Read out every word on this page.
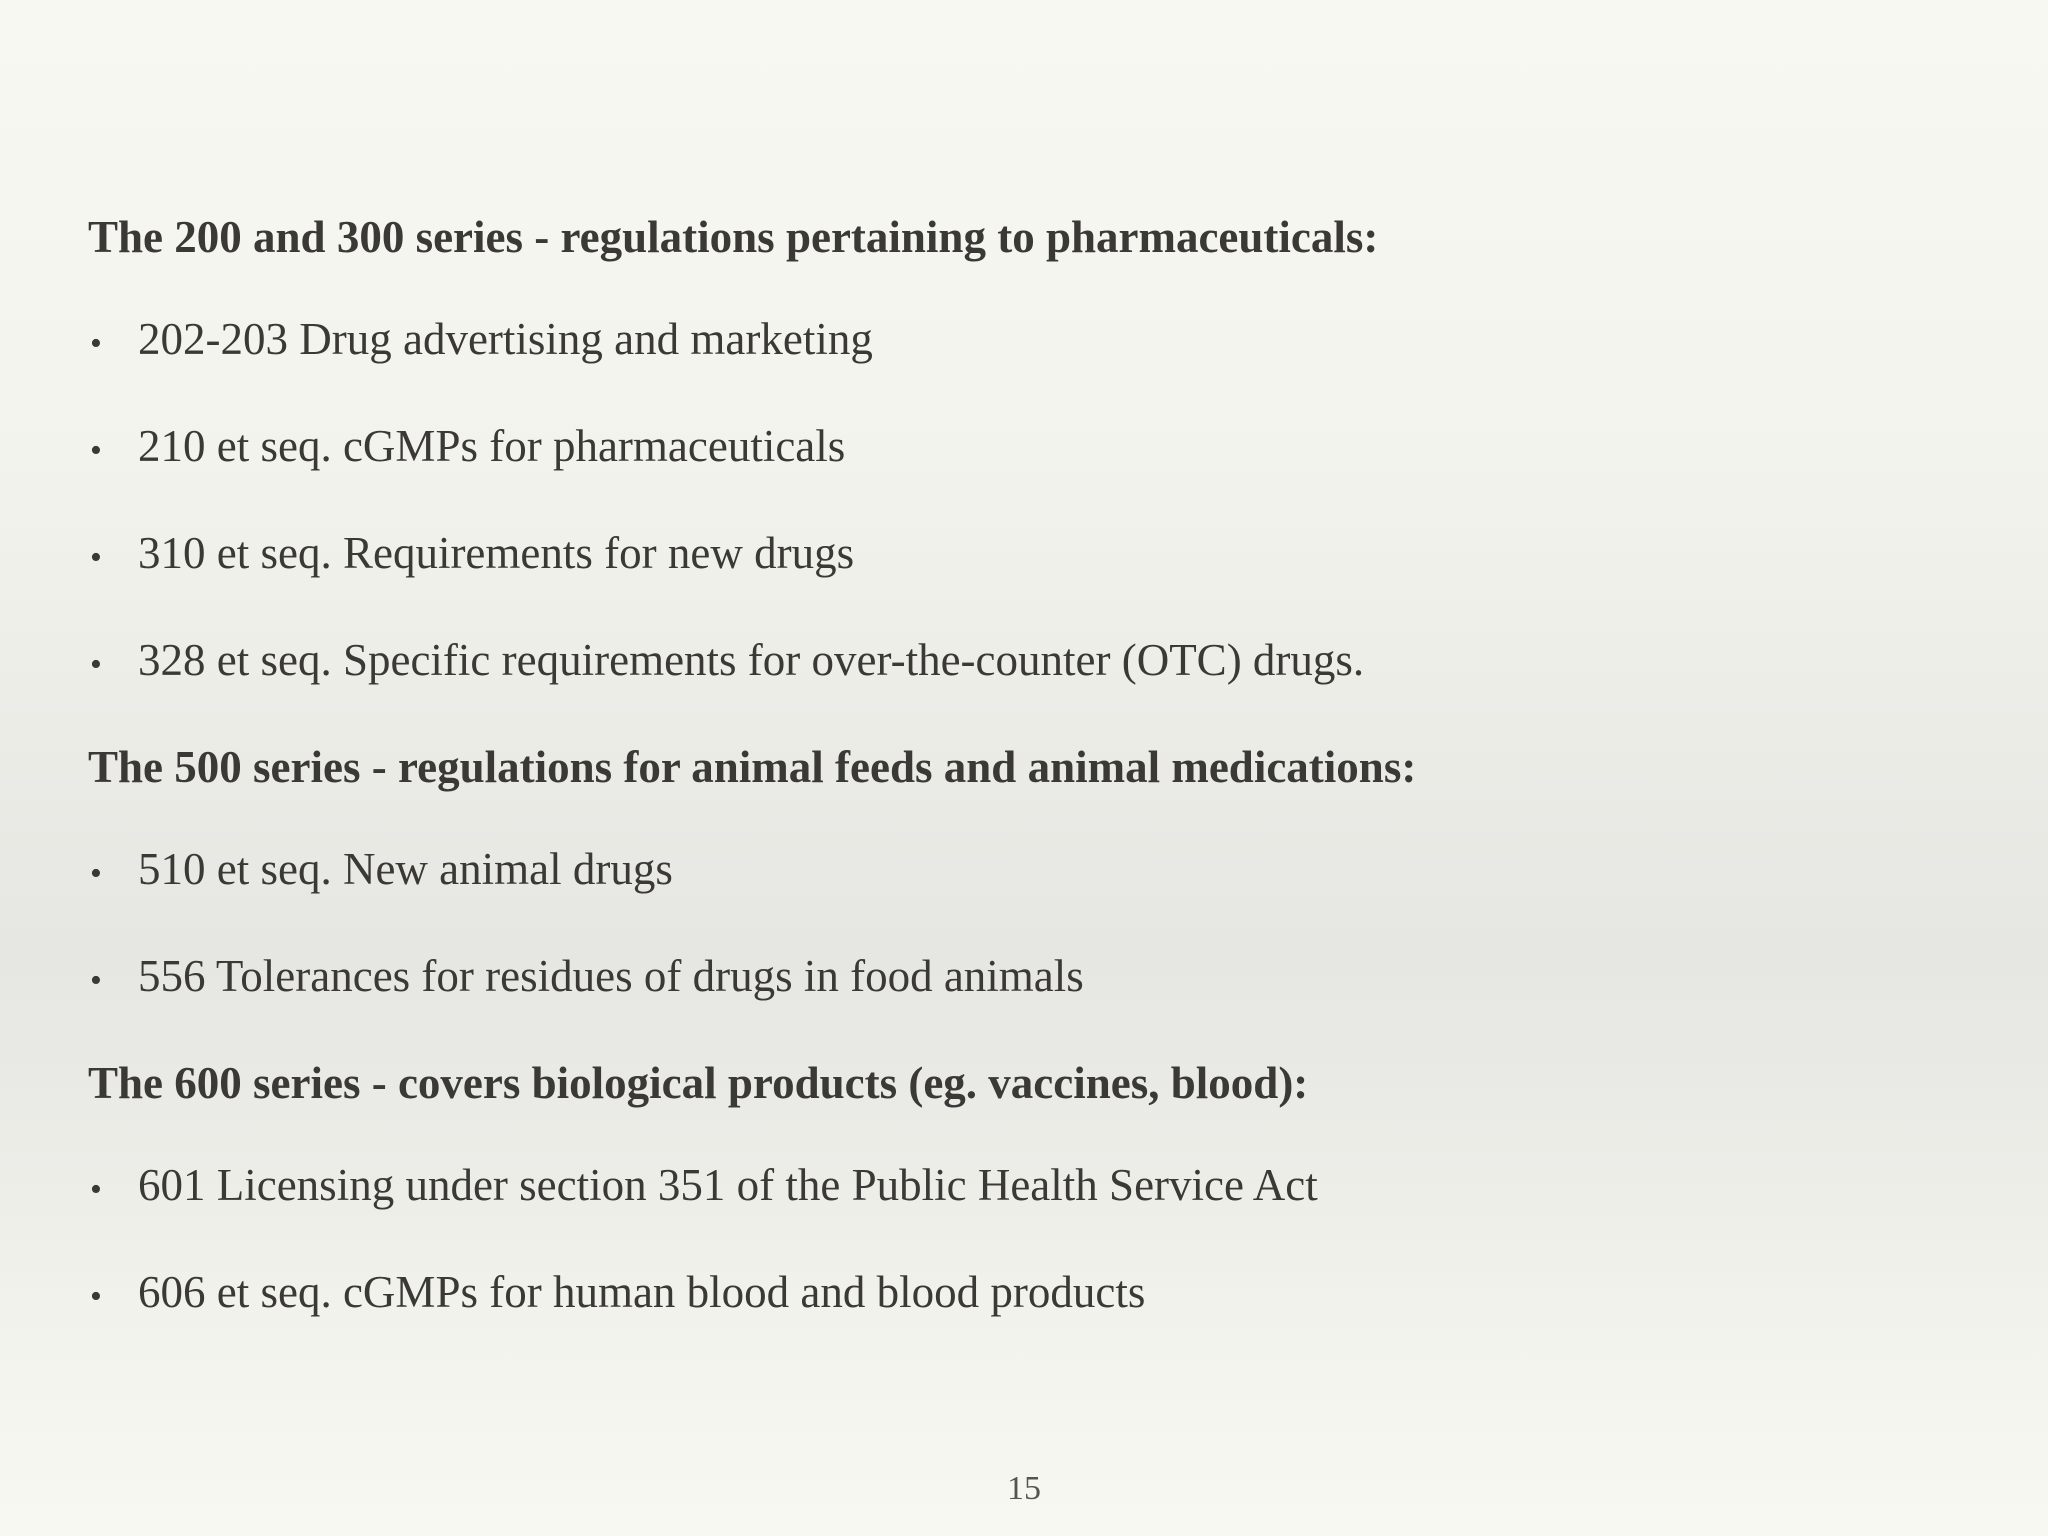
The 200 and 300 series - regulations pertaining to pharmaceuticals:
• 202-203 Drug advertising and marketing
• 210 et seq. cGMPs for pharmaceuticals
• 310 et seq. Requirements for new drugs
• 328 et seq. Specific requirements for over-the-counter (OTC) drugs.
The 500 series - regulations for animal feeds and animal medications:
• 510 et seq. New animal drugs
• 556 Tolerances for residues of drugs in food animals
The 600 series - covers biological products (eg. vaccines, blood):
• 601 Licensing under section 351 of the Public Health Service Act
• 606 et seq. cGMPs for human blood and blood products
15
